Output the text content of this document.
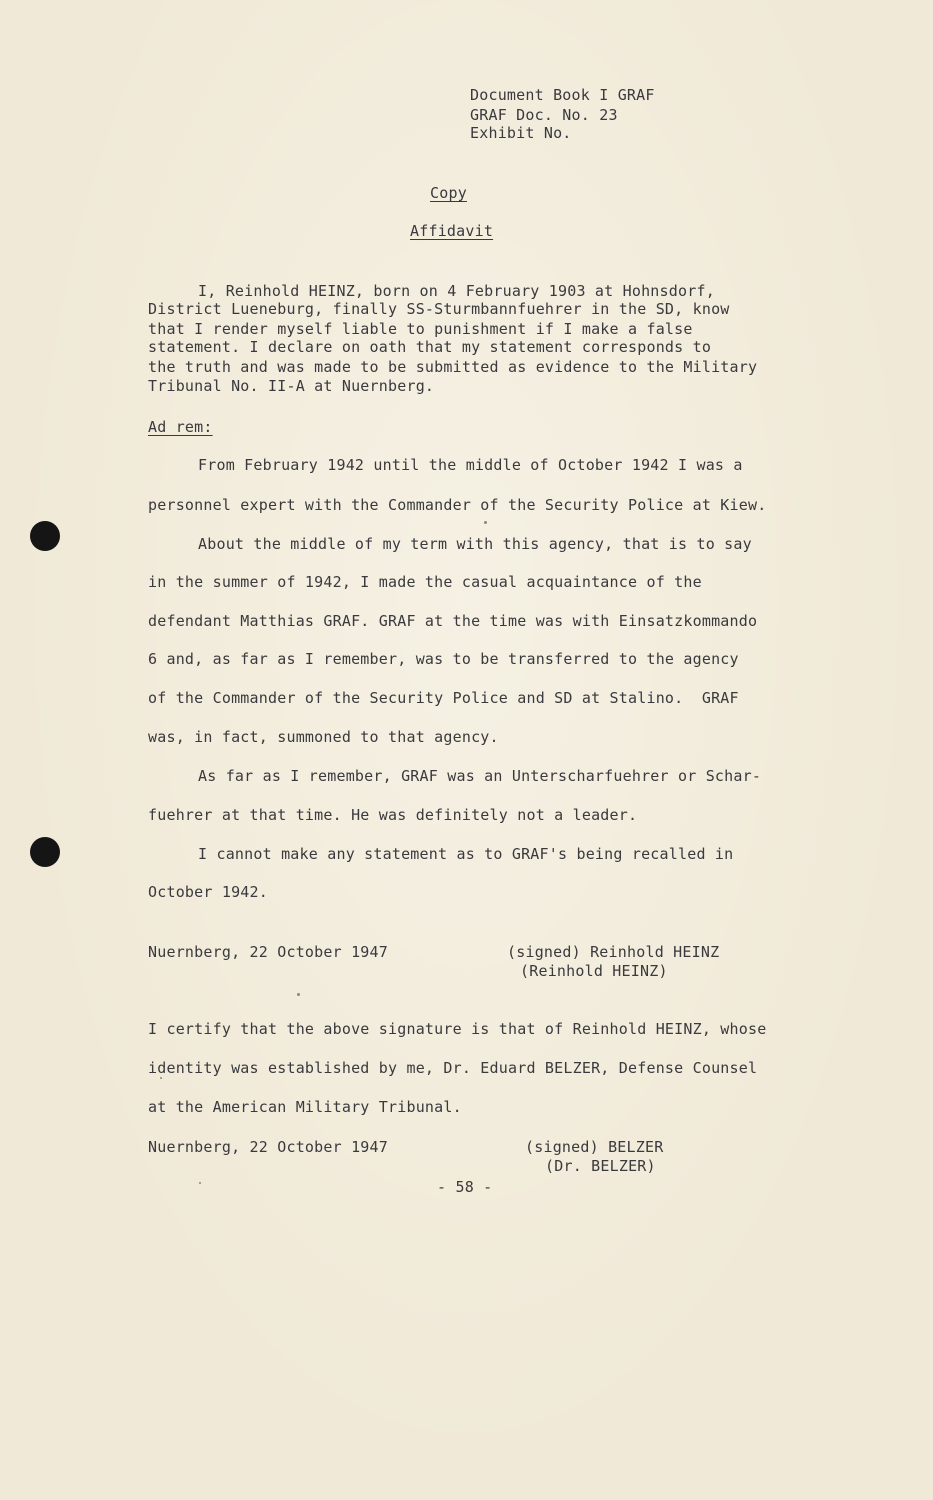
Document Book I GRAF
GRAF Doc. No. 23
Exhibit No.
Copy
Affidavit
I, Reinhold HEINZ, born on 4 February 1903 at Hohnsdorf,
District Lueneburg, finally SS-Sturmbannfuehrer in the SD, know
that I render myself liable to punishment if I make a false
statement. I declare on oath that my statement corresponds to
the truth and was made to be submitted as evidence to the Military
Tribunal No. II-A at Nuernberg.
Ad rem:
From February 1942 until the middle of October 1942 I was a
personnel expert with the Commander of the Security Police at Kiew.
About the middle of my term with this agency, that is to say
in the summer of 1942, I made the casual acquaintance of the
defendant Matthias GRAF. GRAF at the time was with Einsatzkommando
6 and, as far as I remember, was to be transferred to the agency
of the Commander of the Security Police and SD at Stalino.  GRAF
was, in fact, summoned to that agency.
As far as I remember, GRAF was an Unterscharfuehrer or Schar-
fuehrer at that time. He was definitely not a leader.
I cannot make any statement as to GRAF's being recalled in
October 1942.
Nuernberg, 22 October 1947	(signed) Reinhold HEINZ
(Reinhold HEINZ)
I certify that the above signature is that of Reinhold HEINZ, whose
identity was established by me, Dr. Eduard BELZER, Defense Counsel
at the American Military Tribunal.
Nuernberg, 22 October 1947	(signed) BELZER
(Dr. BELZER)
- 58 -
